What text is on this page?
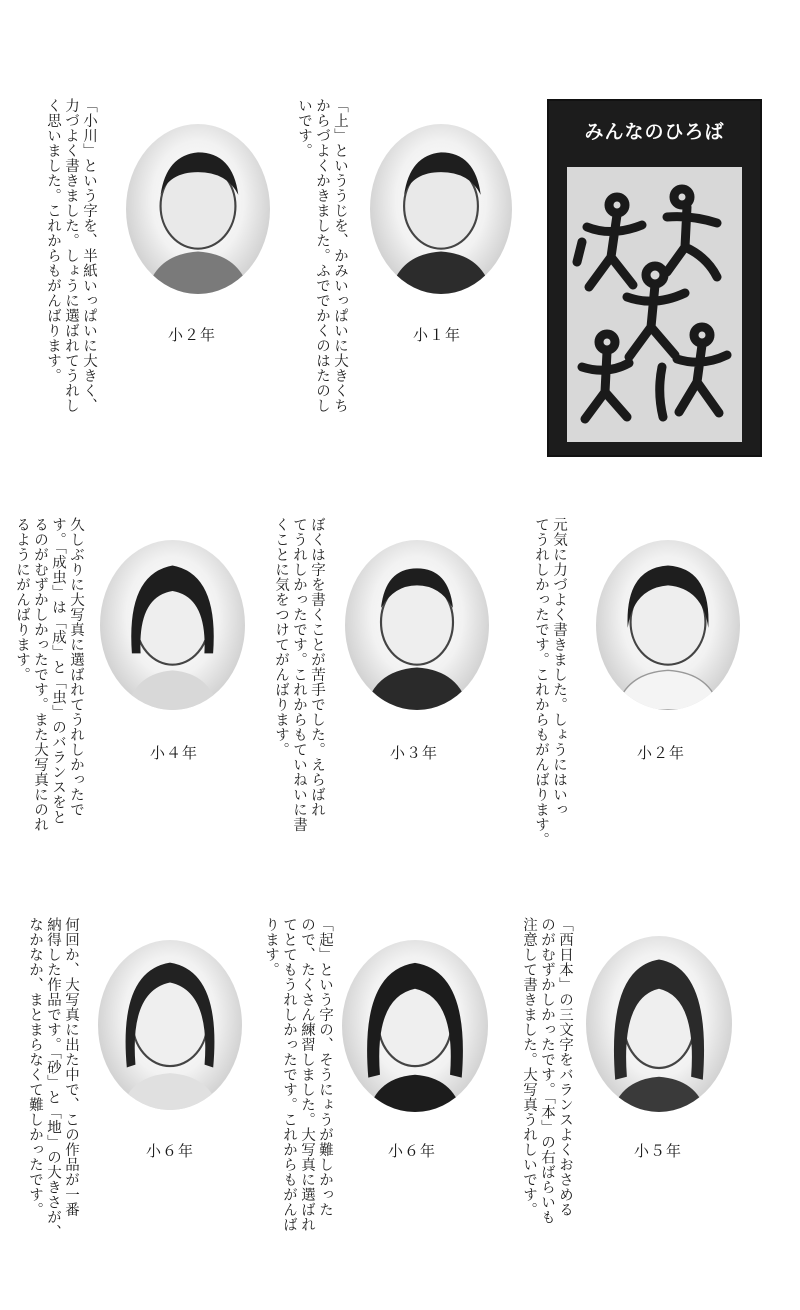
みんなのひろば

「小川」という字を、半紙いっぱいに大きく、
力づよく書きました。しょうに選ばれてうれし
く思いました。これからもがんばります。	小２年	「上」といううじを、かみいっぱいに大きくち
からづよくかきました。ふででかくのはたのし
いです。

小１年

久しぶりに大写真に選ばれてうれしかったで
す。「成虫」は「成」と「虫」のバランスをと
るのがむずかしかったです。また大写真にのれ
るようにがんばります。

小４年	ぼくは字を書くことが苦手でした。えらばれ
てうれしかったです。これからもていねいに書
くことに気をつけてがんばります。	小３年	元気に力づよく書きました。しょうにはいっ
てうれしかったです。これからもがんばります。	小２年

何回か、大写真に出た中で、この作品が一番
納得した作品です。「砂」と「地」の大きさが、
なかなか、まとまらなくて難しかったです。	小６年	「起」という字の、そうにょうが難しかった
ので、たくさん練習しました。大写真に選ばれ
てとてもうれしかったです。これからもがんば
ります。

小６年	「西日本」の三文字をバランスよくおさめる
のがむずかしかったです。「本」の右ばらいも
注意して書きました。大写真うれしいです。	小５年
